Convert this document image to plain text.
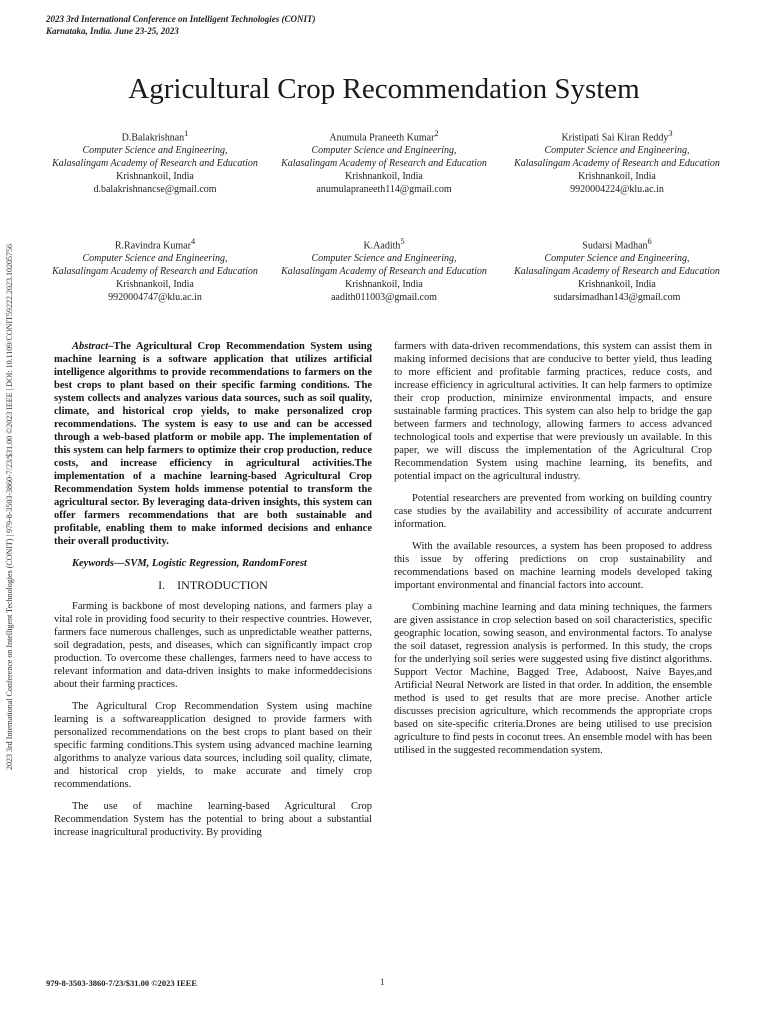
2023 3rd International Conference on Intelligent Technologies (CONIT)
Karnataka, India. June 23-25, 2023
2023 3rd International Conference on Intelligent Technologies (CONIT) | 979-8-3503-3860-7/23/$31.00 ©2023 IEEE | DOI: 10.1109/CONIT59222.2023.10205756
Agricultural Crop Recommendation System
D.Balakrishnan$^1$
Computer Science and Engineering,
Kalasalingam Academy of Research and Education
Krishnankoil, India
d.balakrishnancse@gmail.com
Anumula Praneeth Kumar$^2$
Computer Science and Engineering,
Kalasalingam Academy of Research and Education
Krishnankoil, India
anumulapraneeth114@gmail.com
Kristipati Sai Kiran Reddy$^3$
Computer Science and Engineering,
Kalasalingam Academy of Research and Education
Krishnankoil, India
9920004224@klu.ac.in
R.Ravindra Kumar$^4$
Computer Science and Engineering,
Kalasalingam Academy of Research and Education
Krishnankoil, India
9920004747@klu.ac.in
K.Aadith$^5$
Computer Science and Engineering,
Kalasalingam Academy of Research and Education
Krishnankoil, India
aadith011003@gmail.com
Sudarsi Madhan$^6$
Computer Science and Engineering,
Kalasalingam Academy of Research and Education
Krishnankoil, India
sudarsimadhan143@gmail.com

Abstract–The Agricultural Crop Recommendation System using machine learning is a software application that utilizes artificial intelligence algorithms to provide recommendations to farmers on the best crops to plant based on their specific farming conditions. The system collects and analyzes various data sources, such as soil quality, climate, and historical crop yields, to make personalized crop recommendations. The system is easy to use and can be accessed through a web-based platform or mobile app. The implementation of this system can help farmers to optimize their crop production, reduce costs, and increase efficiency in agricultural activities.The implementation of a machine learning-based Agricultural Crop Recommendation System holds immense potential to transform the agricultural sector. By leveraging data-driven insights, this system can offer farmers recommendations that are both sustainable and profitable, enabling them to make informed decisions and enhance their overall productivity.

Keywords—SVM, Logistic Regression, RandomForest

I. INTRODUCTION

Farming is backbone of most developing nations, and farmers play a vital role in providing food security to their respective countries. However, farmers face numerous challenges, such as unpredictable weather patterns, soil degradation, pests, and diseases, which can significantly impact crop production. To overcome these challenges, farmers need to have access to relevant information and data-driven insights to make informeddecisions about their farming practices.

The Agricultural Crop Recommendation System using machine learning is a softwareapplication designed to provide farmers with personalized recommendations on the best crops to plant based on their specific farming conditions.This system using advanced machine learning algorithms to analyze various data sources, including soil quality, climate, and historical crop yields, to make accurate and timely crop recommendations.

The use of machine learning-based Agricultural Crop Recommendation System has the potential to bring about a substantial increase inagricultural productivity. By providing

farmers with data-driven recommendations, this system can assist them in making informed decisions that are conducive to better yield, thus leading to more efficient and profitable farming practices, reduce costs, and increase efficiency in agricultural activities. It can help farmers to optimize their crop production, minimize environmental impacts, and ensure sustainable farming practices. This system can also help to bridge the gap between farmers and technology, allowing farmers to access advanced technological tools and expertise that were previously un available. In this paper, we will discuss the implementation of the Agricultural Crop Recommendation System using machine learning, its benefits, and potential impact on the agricultural industry.

Potential researchers are prevented from working on building country case studies by the availability and accessibility of accurate andcurrent information.

With the available resources, a system has been proposed to address this issue by offering predictions on crop sustainability and recommendations based on machine learning models developed taking important environmental and financial factors into account.

Combining machine learning and data mining techniques, the farmers are given assistance in crop selection based on soil characteristics, specific geographic location, sowing season, and environmental factors. To analyse the soil dataset, regression analysis is performed. In this study, the crops for the underlying soil series were suggested using five distinct algorithms. Support Vector Machine, Bagged Tree, Adaboost, Naive Bayes,and Artificial Neural Network are listed in that order. In addition, the ensemble method is used to get results that are more precise. Another article discusses precision agriculture, which recommends the appropriate crops based on site-specific criteria.Drones are being utilised to use precision agriculture to find pests in coconut trees. An ensemble model with has been utilised in the suggested recommendation system.

979-8-3503-3860-7/23/$31.00 ©2023 IEEE	1
